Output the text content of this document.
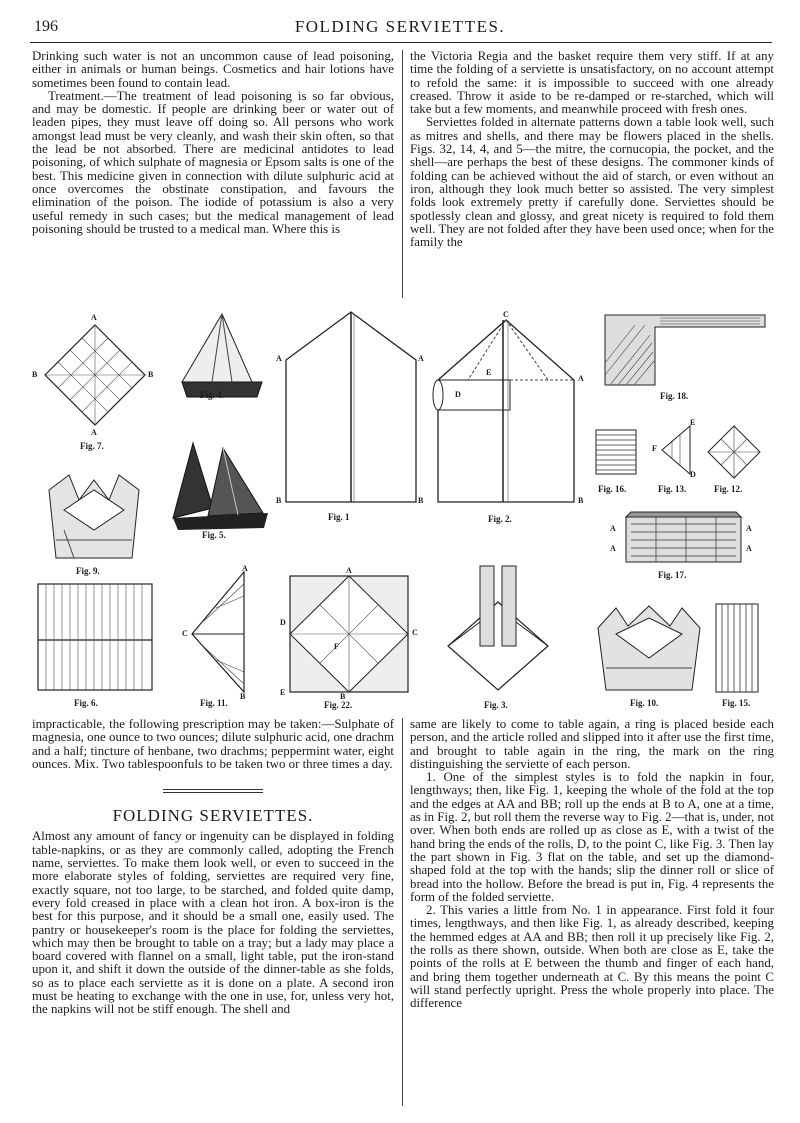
196	FOLDING SERVIETTES.

Drinking such water is not an uncommon cause of lead poisoning, either in animals or human beings. Cosmetics and hair lotions have sometimes been found to contain lead.

Treatment.—The treatment of lead poisoning is so far obvious, and may be domestic. If people are drinking beer or water out of leaden pipes, they must leave off doing so. All persons who work amongst lead must be very cleanly, and wash their skin often, so that the lead be not absorbed. There are medicinal antidotes to lead poisoning, of which sulphate of magnesia or Epsom salts is one of the best. This medicine given in connection with dilute sulphuric acid at once overcomes the obstinate constipation, and favours the elimination of the poison. The iodide of potassium is also a very useful remedy in such cases; but the medical management of lead poisoning should be trusted to a medical man. Where this is

the Victoria Regia and the basket require them very stiff. If at any time the folding of a serviette is unsatisfactory, on no account attempt to refold the same: it is impossible to succeed with one already creased. Throw it aside to be re-damped or re-starched, which will take but a few moments, and meanwhile proceed with fresh ones.

Serviettes folded in alternate patterns down a table look well, such as mitres and shells, and there may be flowers placed in the shells. Figs. 32, 14, 4, and 5—the mitre, the cornucopia, the pocket, and the shell—are perhaps the best of these designs. The commoner kinds of folding can be achieved without the aid of starch, or even without an iron, although they look much better so assisted. The very simplest folds look extremely pretty if carefully done. Serviettes should be spotlessly clean and glossy, and great nicety is required to fold them well. They are not folded after they have been used once; when for the family the

A
B	B
A
Fig. 7.
Fig. 4.
A	A
B	B
Fig. 1
C
E
D
A
B
Fig. 2.
Fig. 18.
Fig. 5.
Fig. 9.
Fig. 16.
F
E
D
Fig. 13.	Fig. 12.
A
A
A
A
Fig. 17.
Fig. 6.
A
C
B
Fig. 11.
A
D
C
F
E	B
Fig. 22.	Fig. 3.	Fig. 10.	Fig. 15.

impracticable, the following prescription may be taken:—Sulphate of magnesia, one ounce to two ounces; dilute sulphuric acid, one drachm and a half; tincture of henbane, two drachms; peppermint water, eight ounces. Mix. Two tablespoonfuls to be taken two or three times a day.

FOLDING SERVIETTES.

Almost any amount of fancy or ingenuity can be displayed in folding table-napkins, or as they are commonly called, adopting the French name, serviettes. To make them look well, or even to succeed in the more elaborate styles of folding, serviettes are required very fine, exactly square, not too large, to be starched, and folded quite damp, every fold creased in place with a clean hot iron. A box-iron is the best for this purpose, and it should be a small one, easily used. The pantry or housekeeper's room is the place for folding the serviettes, which may then be brought to table on a tray; but a lady may place a board covered with flannel on a small, light table, put the iron-stand upon it, and shift it down the outside of the dinner-table as she folds, so as to place each serviette as it is done on a plate. A second iron must be heating to exchange with the one in use, for, unless very hot, the napkins will not be stiff enough. The shell and

same are likely to come to table again, a ring is placed beside each person, and the article rolled and slipped into it after use the first time, and brought to table again in the ring, the mark on the ring distinguishing the serviette of each person.

1. One of the simplest styles is to fold the napkin in four, lengthways; then, like Fig. 1, keeping the whole of the fold at the top and the edges at AA and BB; roll up the ends at B to A, one at a time, as in Fig. 2, but roll them the reverse way to Fig. 2—that is, under, not over. When both ends are rolled up as close as E, with a twist of the hand bring the ends of the rolls, D, to the point C, like Fig. 3. Then lay the part shown in Fig. 3 flat on the table, and set up the diamond-shaped fold at the top with the hands; slip the dinner roll or slice of bread into the hollow. Before the bread is put in, Fig. 4 represents the form of the folded serviette.

2. This varies a little from No. 1 in appearance. First fold it four times, lengthways, and then like Fig. 1, as already described, keeping the hemmed edges at AA and BB; then roll it up precisely like Fig. 2, the rolls as there shown, outside. When both are close as E, take the points of the rolls at E between the thumb and finger of each hand, and bring them together underneath at C. By this means the point C will stand perfectly upright. Press the whole properly into place. The difference
